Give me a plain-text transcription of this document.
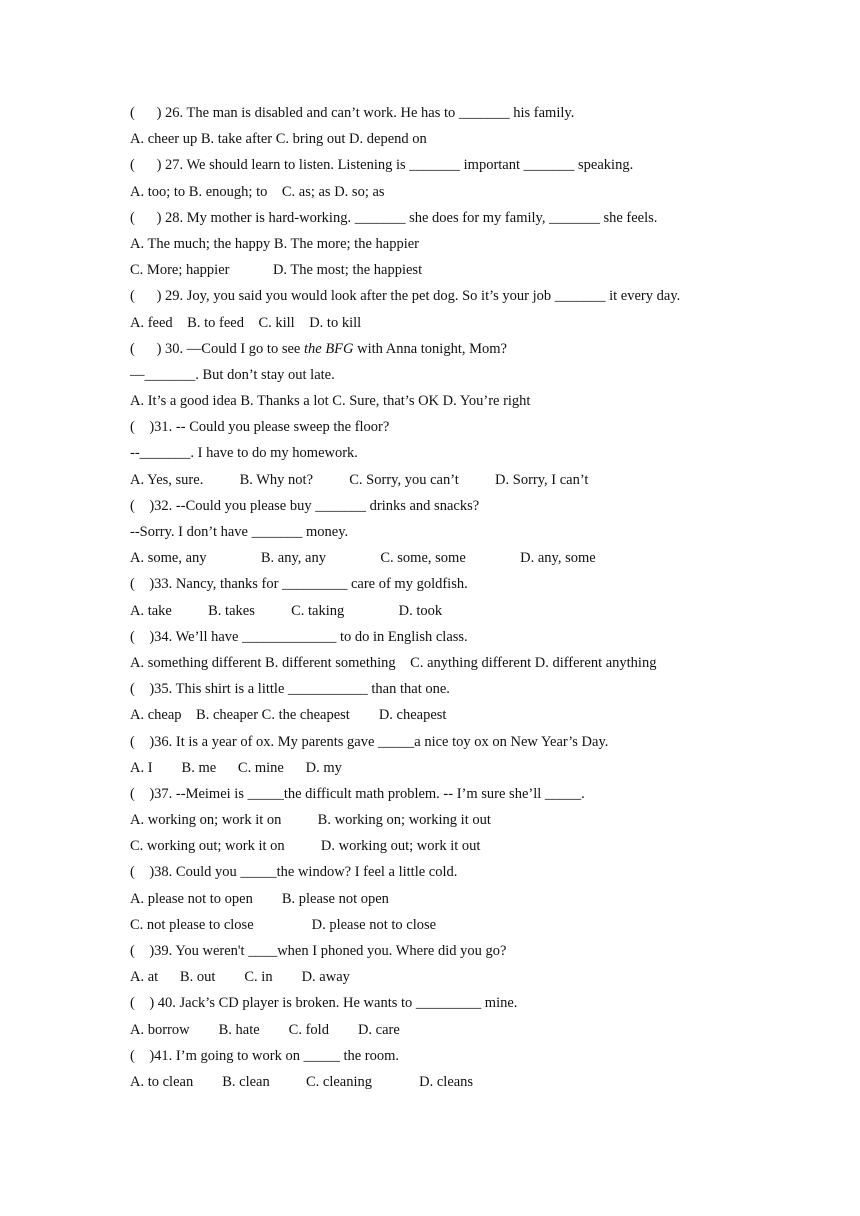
(      ) 26. The man is disabled and can’t work. He has to _______ his family.
A. cheer up B. take after C. bring out D. depend on
(      ) 27. We should learn to listen. Listening is _______ important _______ speaking.
A. too; to B. enough; to    C. as; as D. so; as
(      ) 28. My mother is hard-working. _______ she does for my family, _______ she feels.
A. The much; the happy B. The more; the happier
C. More; happier            D. The most; the happiest
(      ) 29. Joy, you said you would look after the pet dog. So it’s your job _______ it every day.
A. feed    B. to feed    C. kill    D. to kill
(      ) 30. —Could I go to see the BFG with Anna tonight, Mom?
—_______. But don’t stay out late.
A. It’s a good idea B. Thanks a lot C. Sure, that’s OK D. You’re right
(    )31. -- Could you please sweep the floor?
--_______. I have to do my homework.
A. Yes, sure.          B. Why not?          C. Sorry, you can’t          D. Sorry, I can’t
(    )32. --Could you please buy _______ drinks and snacks?
--Sorry. I don’t have _______ money.
A. some, any               B. any, any               C. some, some               D. any, some
(    )33. Nancy, thanks for _________ care of my goldfish.
A. take          B. takes          C. taking               D. took
(    )34. We’ll have _____________ to do in English class.
A. something different B. different something    C. anything different D. different anything
(    )35. This shirt is a little ___________ than that one.
A. cheap    B. cheaper C. the cheapest        D. cheapest
(    )36. It is a year of ox. My parents gave _____a nice toy ox on New Year’s Day.
A. I        B. me      C. mine      D. my
(    )37. --Meimei is _____the difficult math problem. -- I’m sure she’ll _____.
A. working on; work it on          B. working on; working it out
C. working out; work it on          D. working out; work it out
(    )38. Could you _____the window? I feel a little cold.
A. please not to open        B. please not open
C. not please to close                D. please not to close
(    )39. You weren't ____when I phoned you. Where did you go?
A. at      B. out        C. in        D. away
(    ) 40. Jack’s CD player is broken. He wants to _________ mine.
A. borrow        B. hate        C. fold        D. care
(    )41. I’m going to work on _____ the room.
A. to clean        B. clean          C. cleaning             D. cleans
